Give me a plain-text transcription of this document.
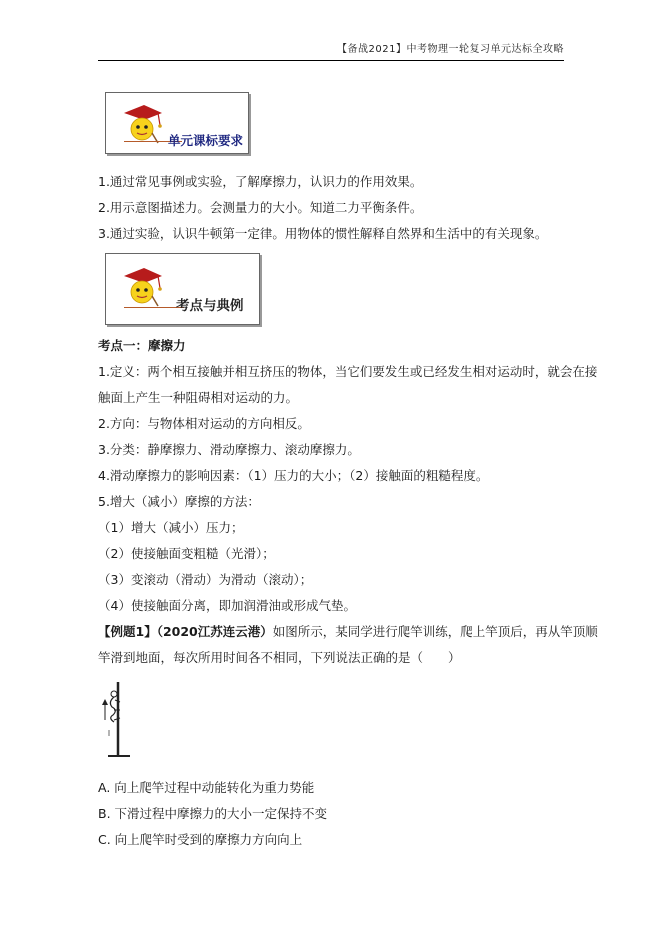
【备战2021】中考物理一轮复习单元达标全攻略
单元课标要求
1.通过常见事例或实验，了解摩擦力，认识力的作用效果。
2.用示意图描述力。会测量力的大小。知道二力平衡条件。
3.通过实验，认识牛顿第一定律。用物体的惯性解释自然界和生活中的有关现象。
考点与典例
考点一：摩擦力
1.定义：两个相互接触并相互挤压的物体，当它们要发生或已经发生相对运动时，就会在接
触面上产生一种阻碍相对运动的力。
2.方向：与物体相对运动的方向相反。
3.分类：静摩擦力、滑动摩擦力、滚动摩擦力。
4.滑动摩擦力的影响因素：（1）压力的大小；（2）接触面的粗糙程度。
5.增大（减小）摩擦的方法：
（1）增大（减小）压力；
（2）使接触面变粗糙（光滑）；
（3）变滚动（滑动）为滑动（滚动）；
（4）使接触面分离，即加润滑油或形成气垫。
【例题1】（2020江苏连云港）如图所示，某同学进行爬竿训练，爬上竿顶后，再从竿顶顺
竿滑到地面，每次所用时间各不相同，下列说法正确的是（　　）
A. 向上爬竿过程中动能转化为重力势能
B. 下滑过程中摩擦力的大小一定保持不变
C. 向上爬竿时受到的摩擦力方向向上
